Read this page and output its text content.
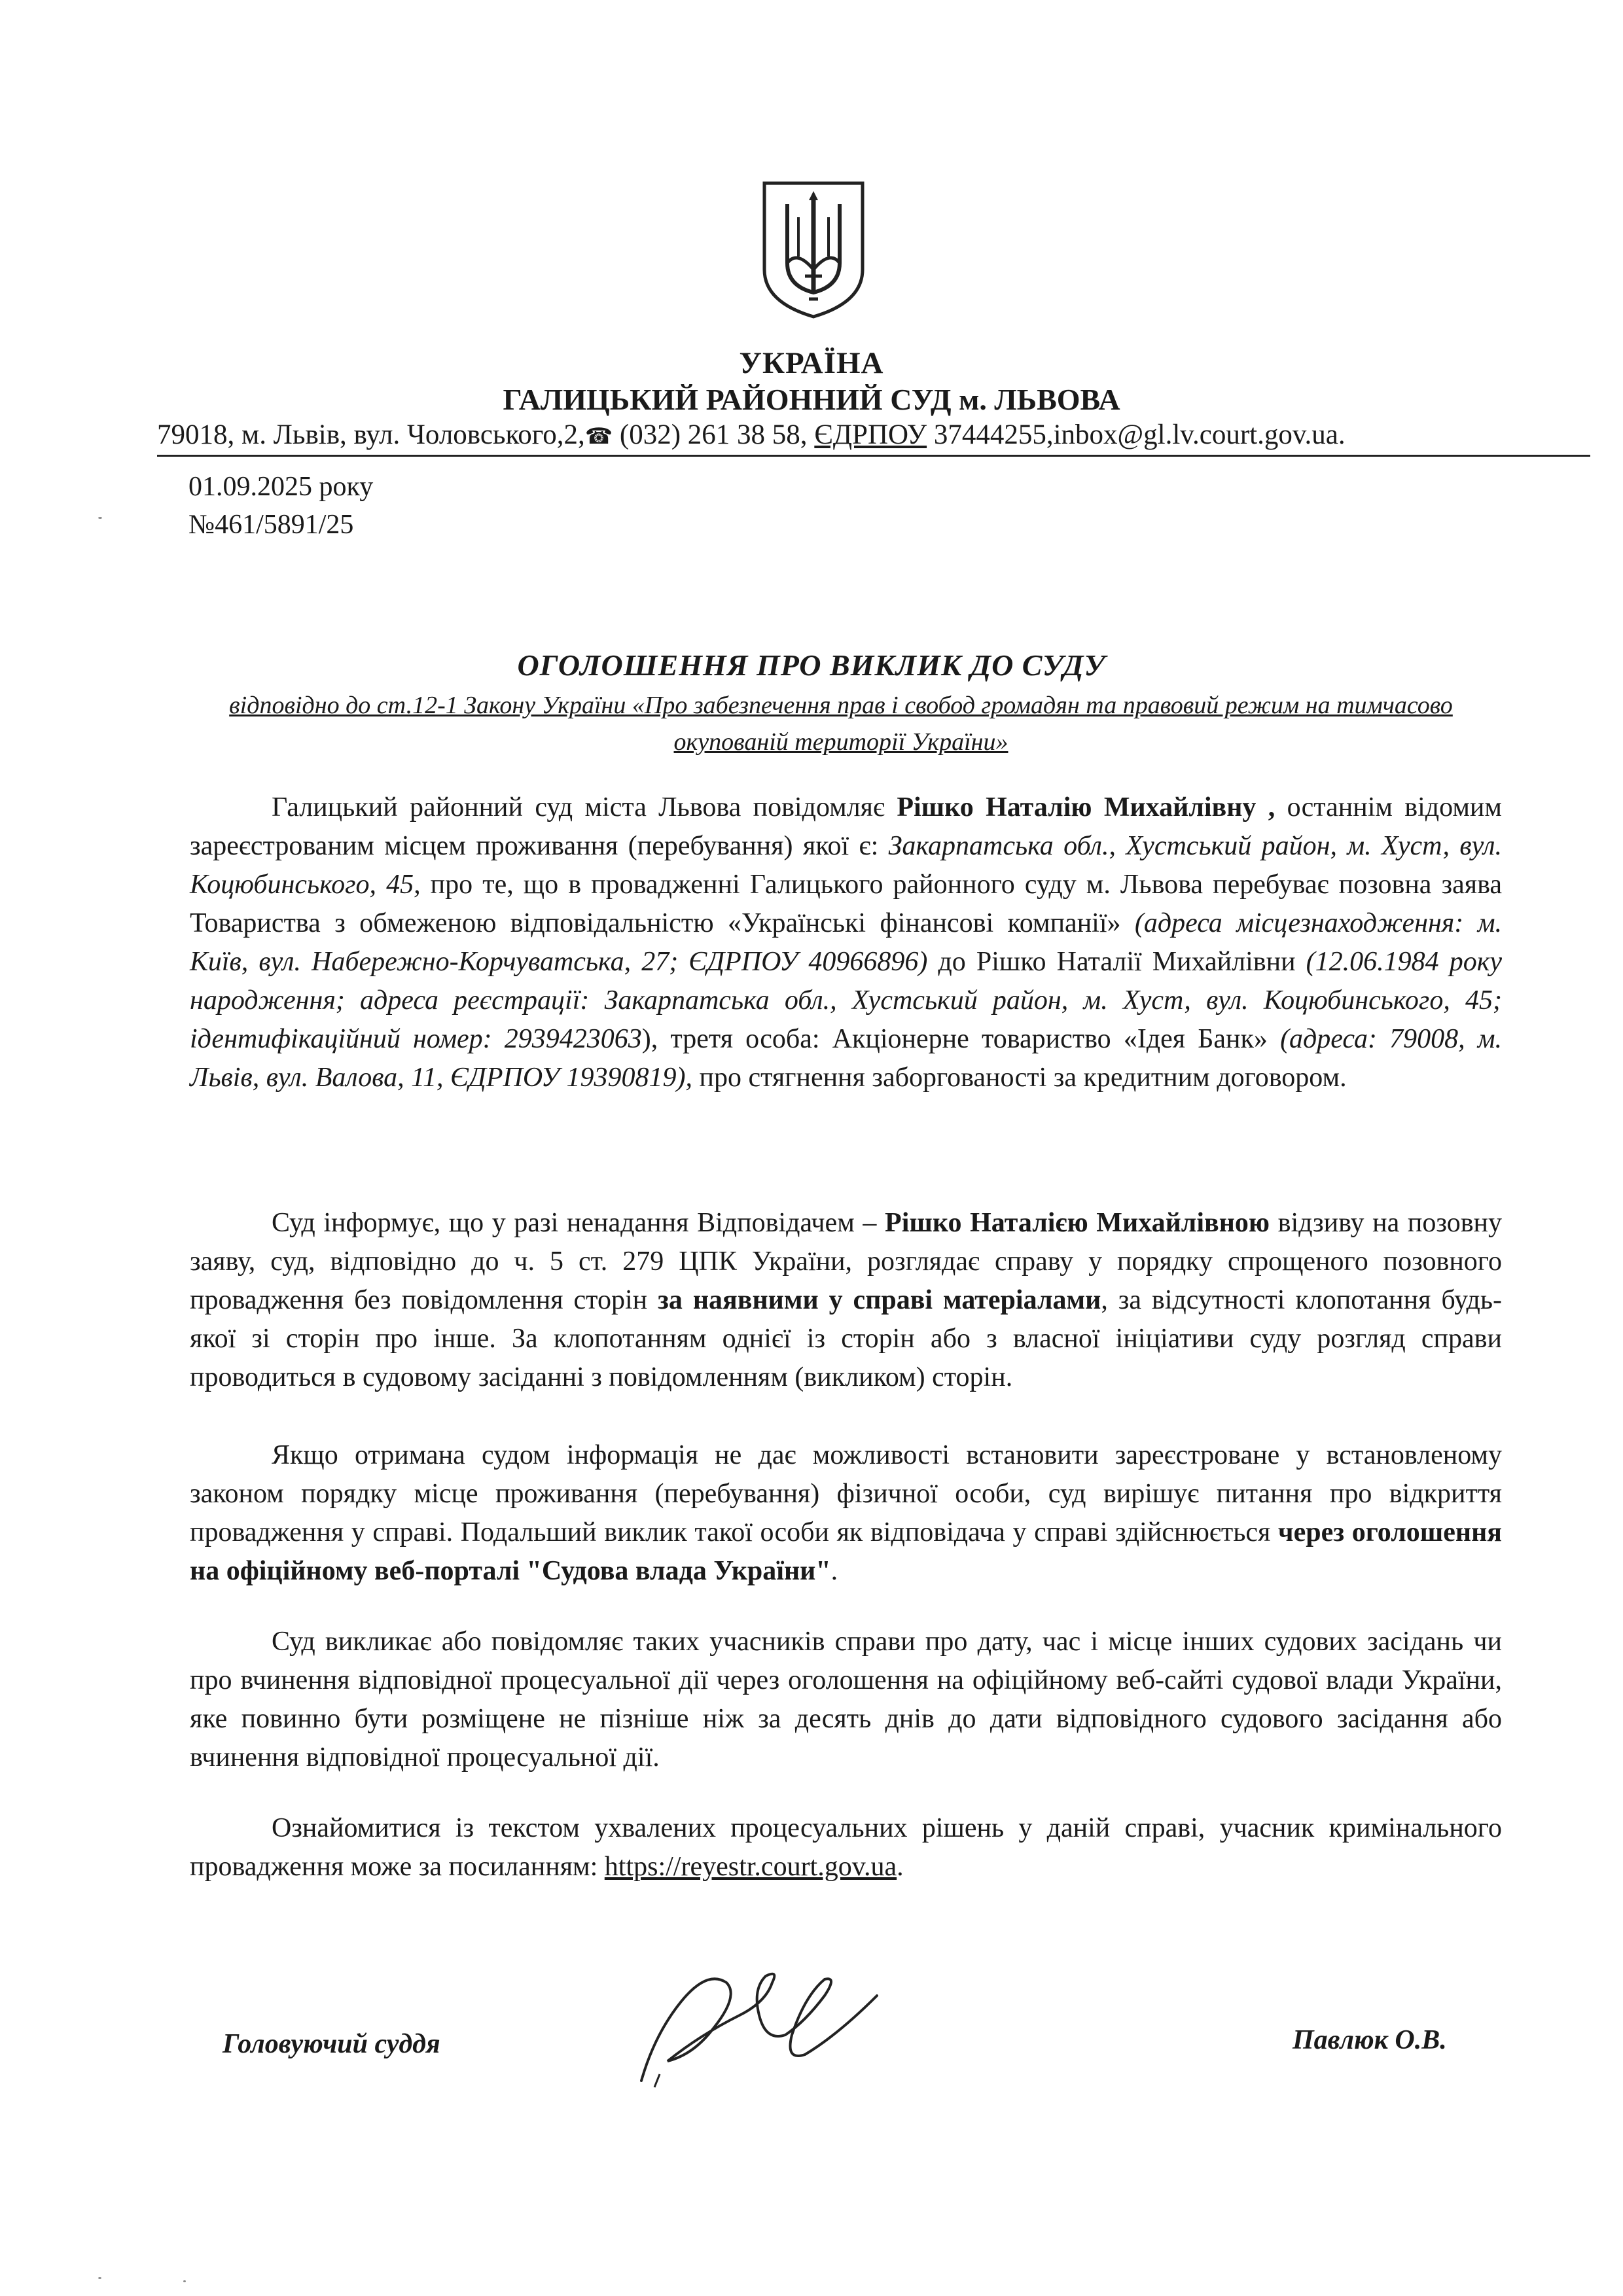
УКРАЇНА
ГАЛИЦЬКИЙ РАЙОННИЙ СУД м. ЛЬВОВА
79018, м. Львів, вул. Чоловського,2,☎ (032) 261 38 58, ЄДРПОУ 37444255,inbox@gl.lv.court.gov.ua.
01.09.2025 року
№461/5891/25
ОГОЛОШЕННЯ ПРО ВИКЛИК ДО СУДУ
відповідно до ст.12-1 Закону України «Про забезпечення прав і свобод громадян та правовий режим на тимчасово окупованій території України»

Галицький районний суд міста Львова повідомляє Рішко Наталію Михайлівну , останнім відомим зареєстрованим місцем проживання (перебування) якої є: Закарпатська обл., Хустський район, м. Хуст, вул. Коцюбинського, 45, про те, що в провадженні Галицького районного суду м. Львова перебуває позовна заява Товариства з обмеженою відповідальністю «Українські фінансові компанії» (адреса місцезнаходження: м. Київ, вул. Набережно-Корчуватська, 27; ЄДРПОУ 40966896) до Рішко Наталії Михайлівни (12.06.1984 року народження; адреса реєстрації: Закарпатська обл., Хустський район, м. Хуст, вул. Коцюбинського, 45; ідентифікаційний номер: 2939423063), третя особа: Акціонерне товариство «Ідея Банк» (адреса: 79008, м. Львів, вул. Валова, 11, ЄДРПОУ 19390819), про стягнення заборгованості за кредитним договором.

Суд інформує, що у разі ненадання Відповідачем – Рішко Наталією Михайлівною відзиву на позовну заяву, суд, відповідно до ч. 5 ст. 279 ЦПК України, розглядає справу у порядку спрощеного позовного провадження без повідомлення сторін за наявними у справі матеріалами, за відсутності клопотання будь-якої зі сторін про інше. За клопотанням однієї із сторін або з власної ініціативи суду розгляд справи проводиться в судовому засіданні з повідомленням (викликом) сторін.

Якщо отримана судом інформація не дає можливості встановити зареєстроване у встановленому законом порядку місце проживання (перебування) фізичної особи, суд вирішує питання про відкриття провадження у справі. Подальший виклик такої особи як відповідача у справі здійснюється через оголошення на офіційному веб-порталі "Судова влада України".

Суд викликає або повідомляє таких учасників справи про дату, час і місце інших судових засідань чи про вчинення відповідної процесуальної дії через оголошення на офіційному веб-сайті судової влади України, яке повинно бути розміщене не пізніше ніж за десять днів до дати відповідного судового засідання або вчинення відповідної процесуальної дії.

Ознайомитися із текстом ухвалених процесуальних рішень у даній справі, учасник кримінального провадження може за посиланням: https://reyestr.court.gov.ua.

Головуючий суддя	Павлюк О.В.
